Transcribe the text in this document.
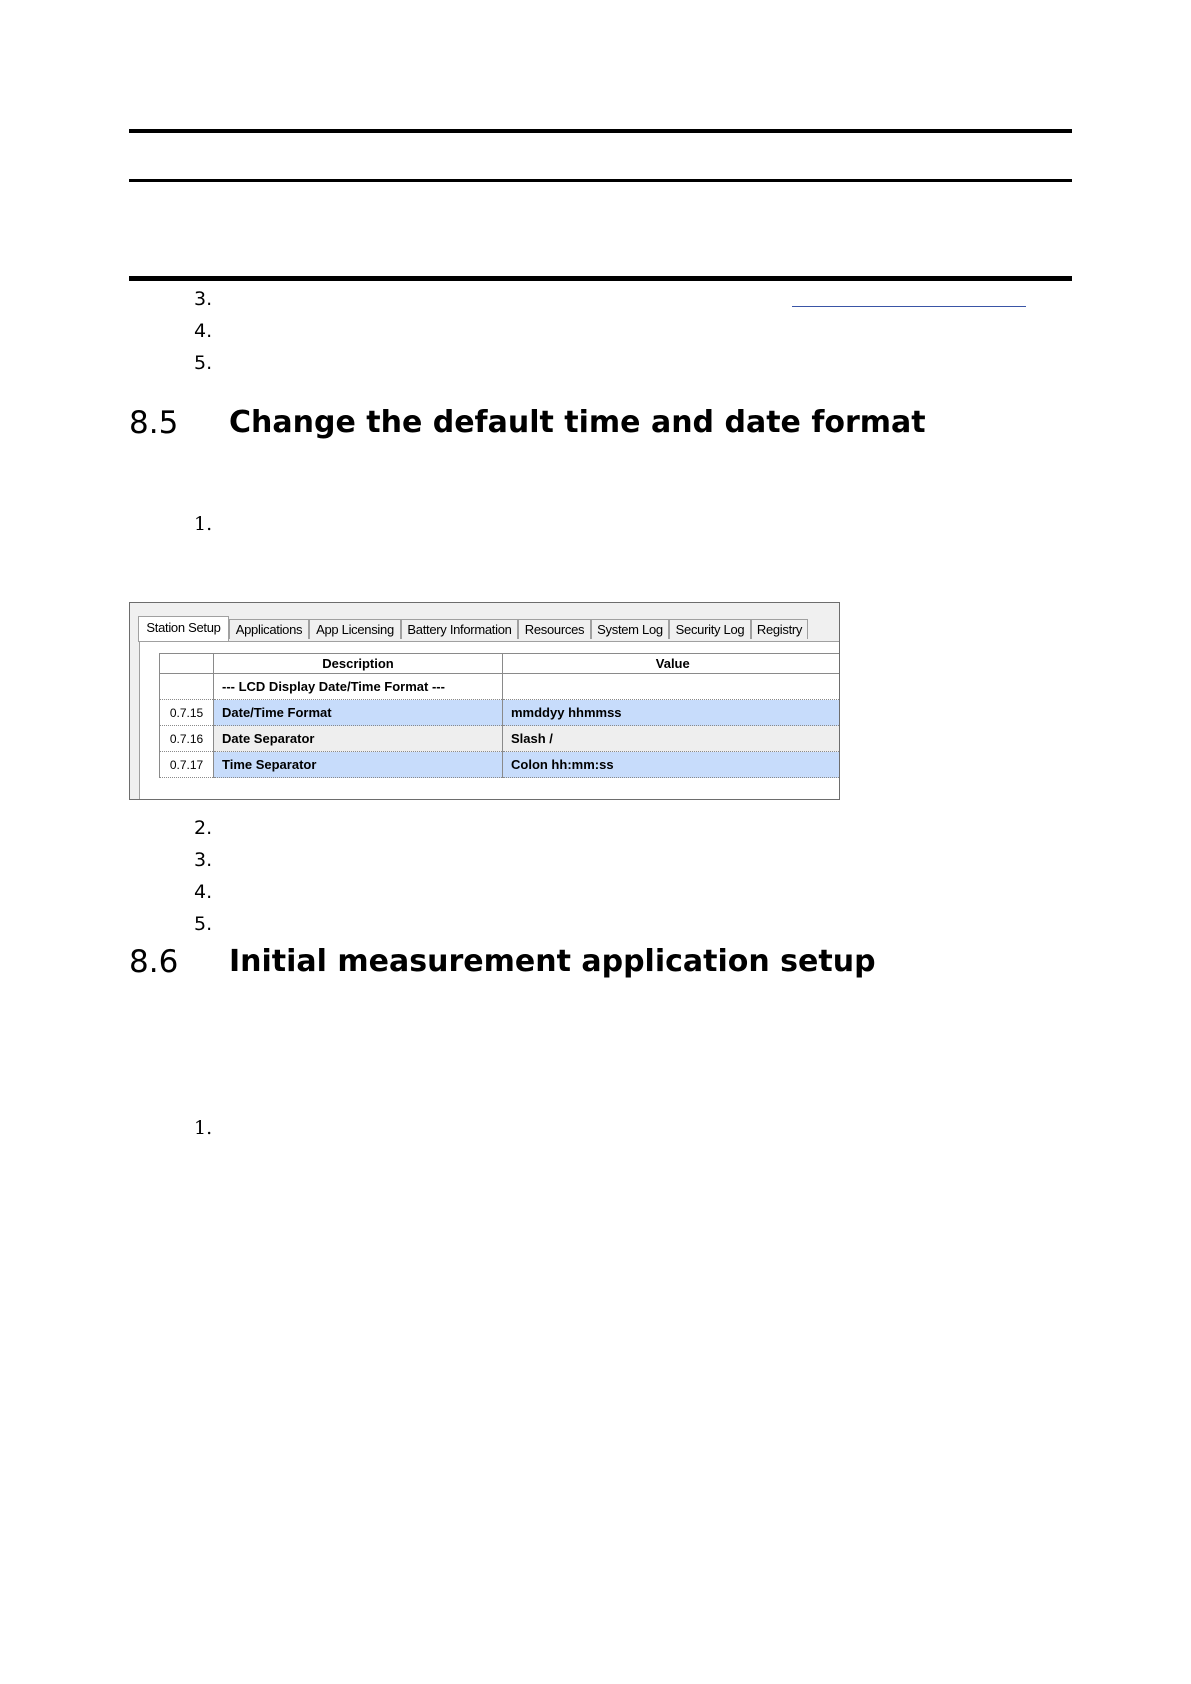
3.
4.
5.
8.5 Change the default time and date format
1.
Station Setup	Applications	App Licensing	Battery Information	Resources System Log Security Log Registry
	Description	Value
	--- LCD Display Date/Time Format ---	
0.7.15	Date/Time Format	mmddyy hhmmss
0.7.16	Date Separator	Slash /
0.7.17	Time Separator	Colon hh:mm:ss
2.
3.
4.
5.
8.6 Initial measurement application setup
1.
